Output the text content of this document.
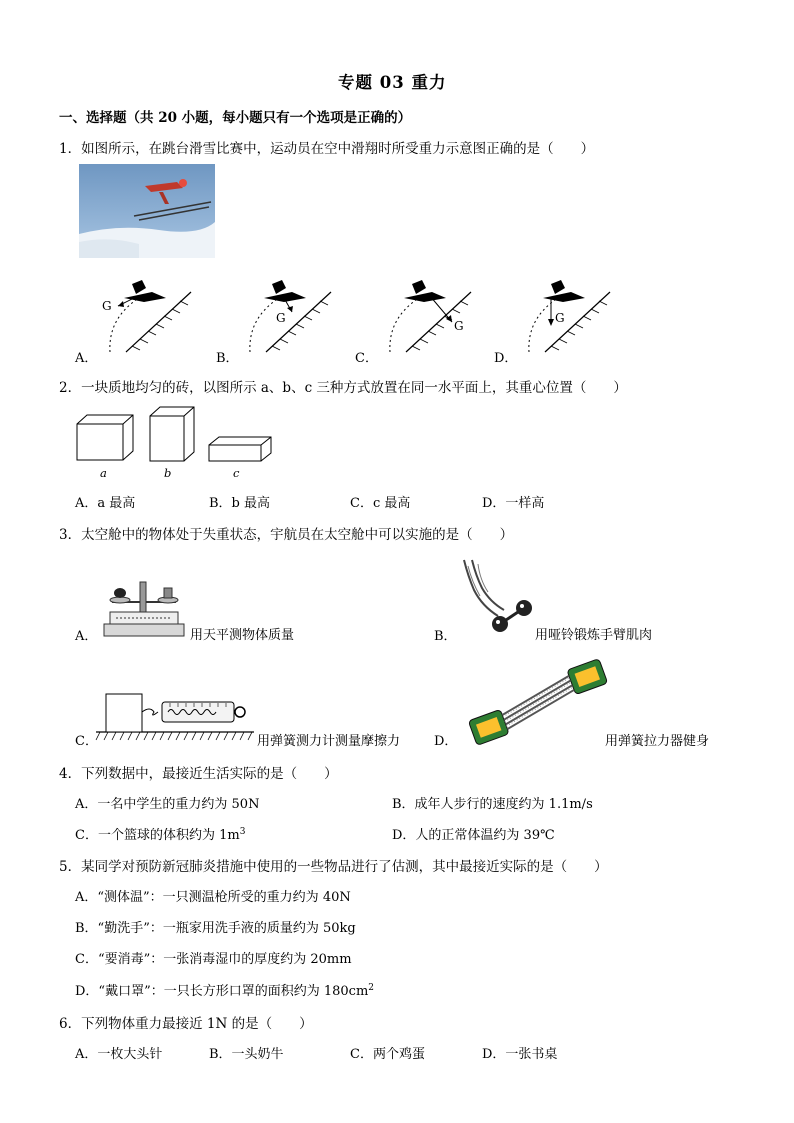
专题 03 重力
一、选择题（共 20 小题，每小题只有一个选项是正确的）
1．如图所示，在跳台滑雪比赛中，运动员在空中滑翔时所受重力示意图正确的是（　　）
G
G
G
G
A．	B．	C．	D．
2．一块质地均匀的砖，以图所示 a、b、c 三种方式放置在同一水平面上，其重心位置（　　）
a	b	c
A．a 最高	B．b 最高	C．c 最高	D．一样高
3．太空舱中的物体处于失重状态，宇航员在太空舱中可以实施的是（　　）
A．	用天平测物体质量	B．	用哑铃锻炼手臂肌肉
C．	用弹簧测力计测量摩擦力	D．	用弹簧拉力器健身
4．下列数据中，最接近生活实际的是（　　）
A．一名中学生的重力约为 50N	B．成年人步行的速度约为 1.1m/s
C．一个篮球的体积约为 $1m^3$	D．人的正常体温约为 39℃
5．某同学对预防新冠肺炎措施中使用的一些物品进行了估测，其中最接近实际的是（　　）
A．“测体温”：一只测温枪所受的重力约为 40N
B．“勤洗手”：一瓶家用洗手液的质量约为 50kg
C．“要消毒”：一张消毒湿巾的厚度约为 20mm
D．“戴口罩”：一只长方形口罩的面积约为 $180cm^2$
6．下列物体重力最接近 1N 的是（　　）
A．一枚大头针	B．一头奶牛	C．两个鸡蛋	D．一张书桌
